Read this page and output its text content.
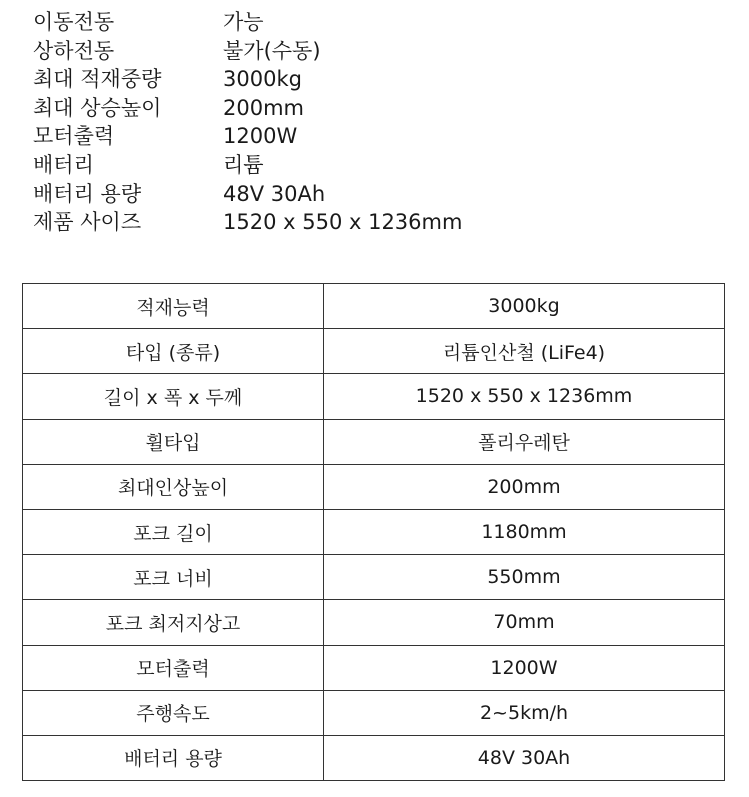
이동전동	가능
상하전동	불가(수동)
최대 적재중량	3000kg
최대 상승높이	200mm
모터출력	1200W
배터리	리튬
배터리 용량	48V 30Ah
제품 사이즈	1520 x 550 x 1236mm
적재능력	3000kg
타입 (종류)	리튬인산철 (LiFe4)
길이 x 폭 x 두께	1520 x 550 x 1236mm
휠타입	폴리우레탄
최대인상높이	200mm
포크 길이	1180mm
포크 너비	550mm
포크 최저지상고	70mm
모터출력	1200W
주행속도	2~5km/h
배터리 용량	48V 30Ah
